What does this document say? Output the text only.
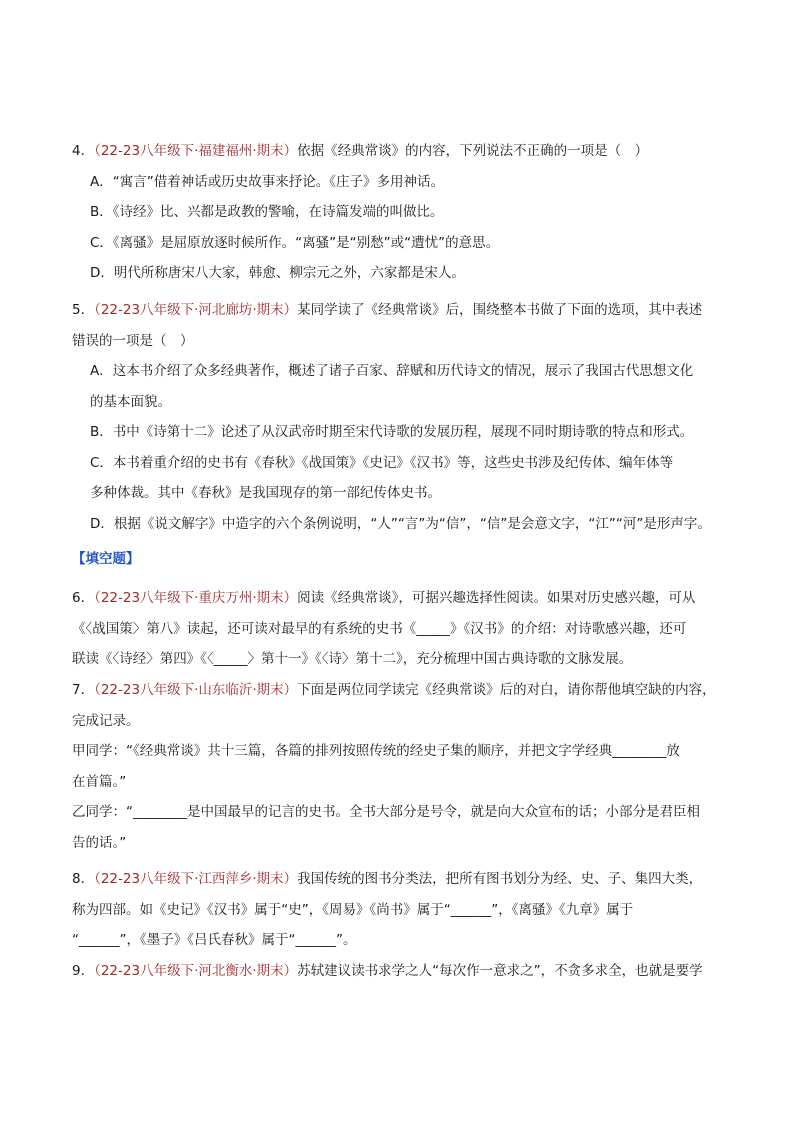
4．（22-23八年级下·福建福州·期末）依据《经典常谈》的内容，下列说法不正确的一项是（　）
A．“寓言”借着神话或历史故事来抒论。《庄子》多用神话。
B．《诗经》比、兴都是政教的警喻，在诗篇发端的叫做比。
C．《离骚》是屈原放逐时候所作。“离骚”是“别愁”或“遭忧”的意思。
D．明代所称唐宋八大家，韩愈、柳宗元之外，六家都是宋人。
5．（22-23八年级下·河北廊坊·期末）某同学读了《经典常谈》后，围绕整本书做了下面的选项，其中表述
错误的一项是（　）
A．这本书介绍了众多经典著作，概述了诸子百家、辞赋和历代诗文的情况，展示了我国古代思想文化
的基本面貌。
B．书中《诗第十二》论述了从汉武帝时期至宋代诗歌的发展历程，展现不同时期诗歌的特点和形式。
C．本书着重介绍的史书有《春秋》《战国策》《史记》《汉书》等，这些史书涉及纪传体、编年体等
多种体裁。其中《春秋》是我国现存的第一部纪传体史书。
D．根据《说文解字》中造字的六个条例说明，“人”“言”为“信”，“信”是会意文字，“江”“河”是形声字。
【填空题】
6．（22-23八年级下·重庆万州·期末）阅读《经典常谈》，可据兴趣选择性阅读。如果对历史感兴趣，可从
《〈战国策〉第八》读起，还可读对最早的有系统的史书《_____》《汉书》的介绍：对诗歌感兴趣，还可
联读《〈诗经〉第四》《〈_____〉第十一》《〈诗〉第十二》，充分梳理中国古典诗歌的文脉发展。
7．（22-23八年级下·山东临沂·期末）下面是两位同学读完《经典常谈》后的对白，请你帮他填空缺的内容，
完成记录。
甲同学：“《经典常谈》共十三篇，各篇的排列按照传统的经史子集的顺序，并把文字学经典________放
在首篇。”
乙同学：“________是中国最早的记言的史书。全书大部分是号令，就是向大众宣布的话；小部分是君臣相
告的话。”
8．（22-23八年级下·江西萍乡·期末）我国传统的图书分类法，把所有图书划分为经、史、子、集四大类，
称为四部。如《史记》《汉书》属于“史”，《周易》《尚书》属于“______”，《离骚》《九章》属于
“______”，《墨子》《吕氏春秋》属于“______”。
9．（22-23八年级下·河北衡水·期末）苏轼建议读书求学之人“每次作一意求之”，不贪多求全，也就是要学
